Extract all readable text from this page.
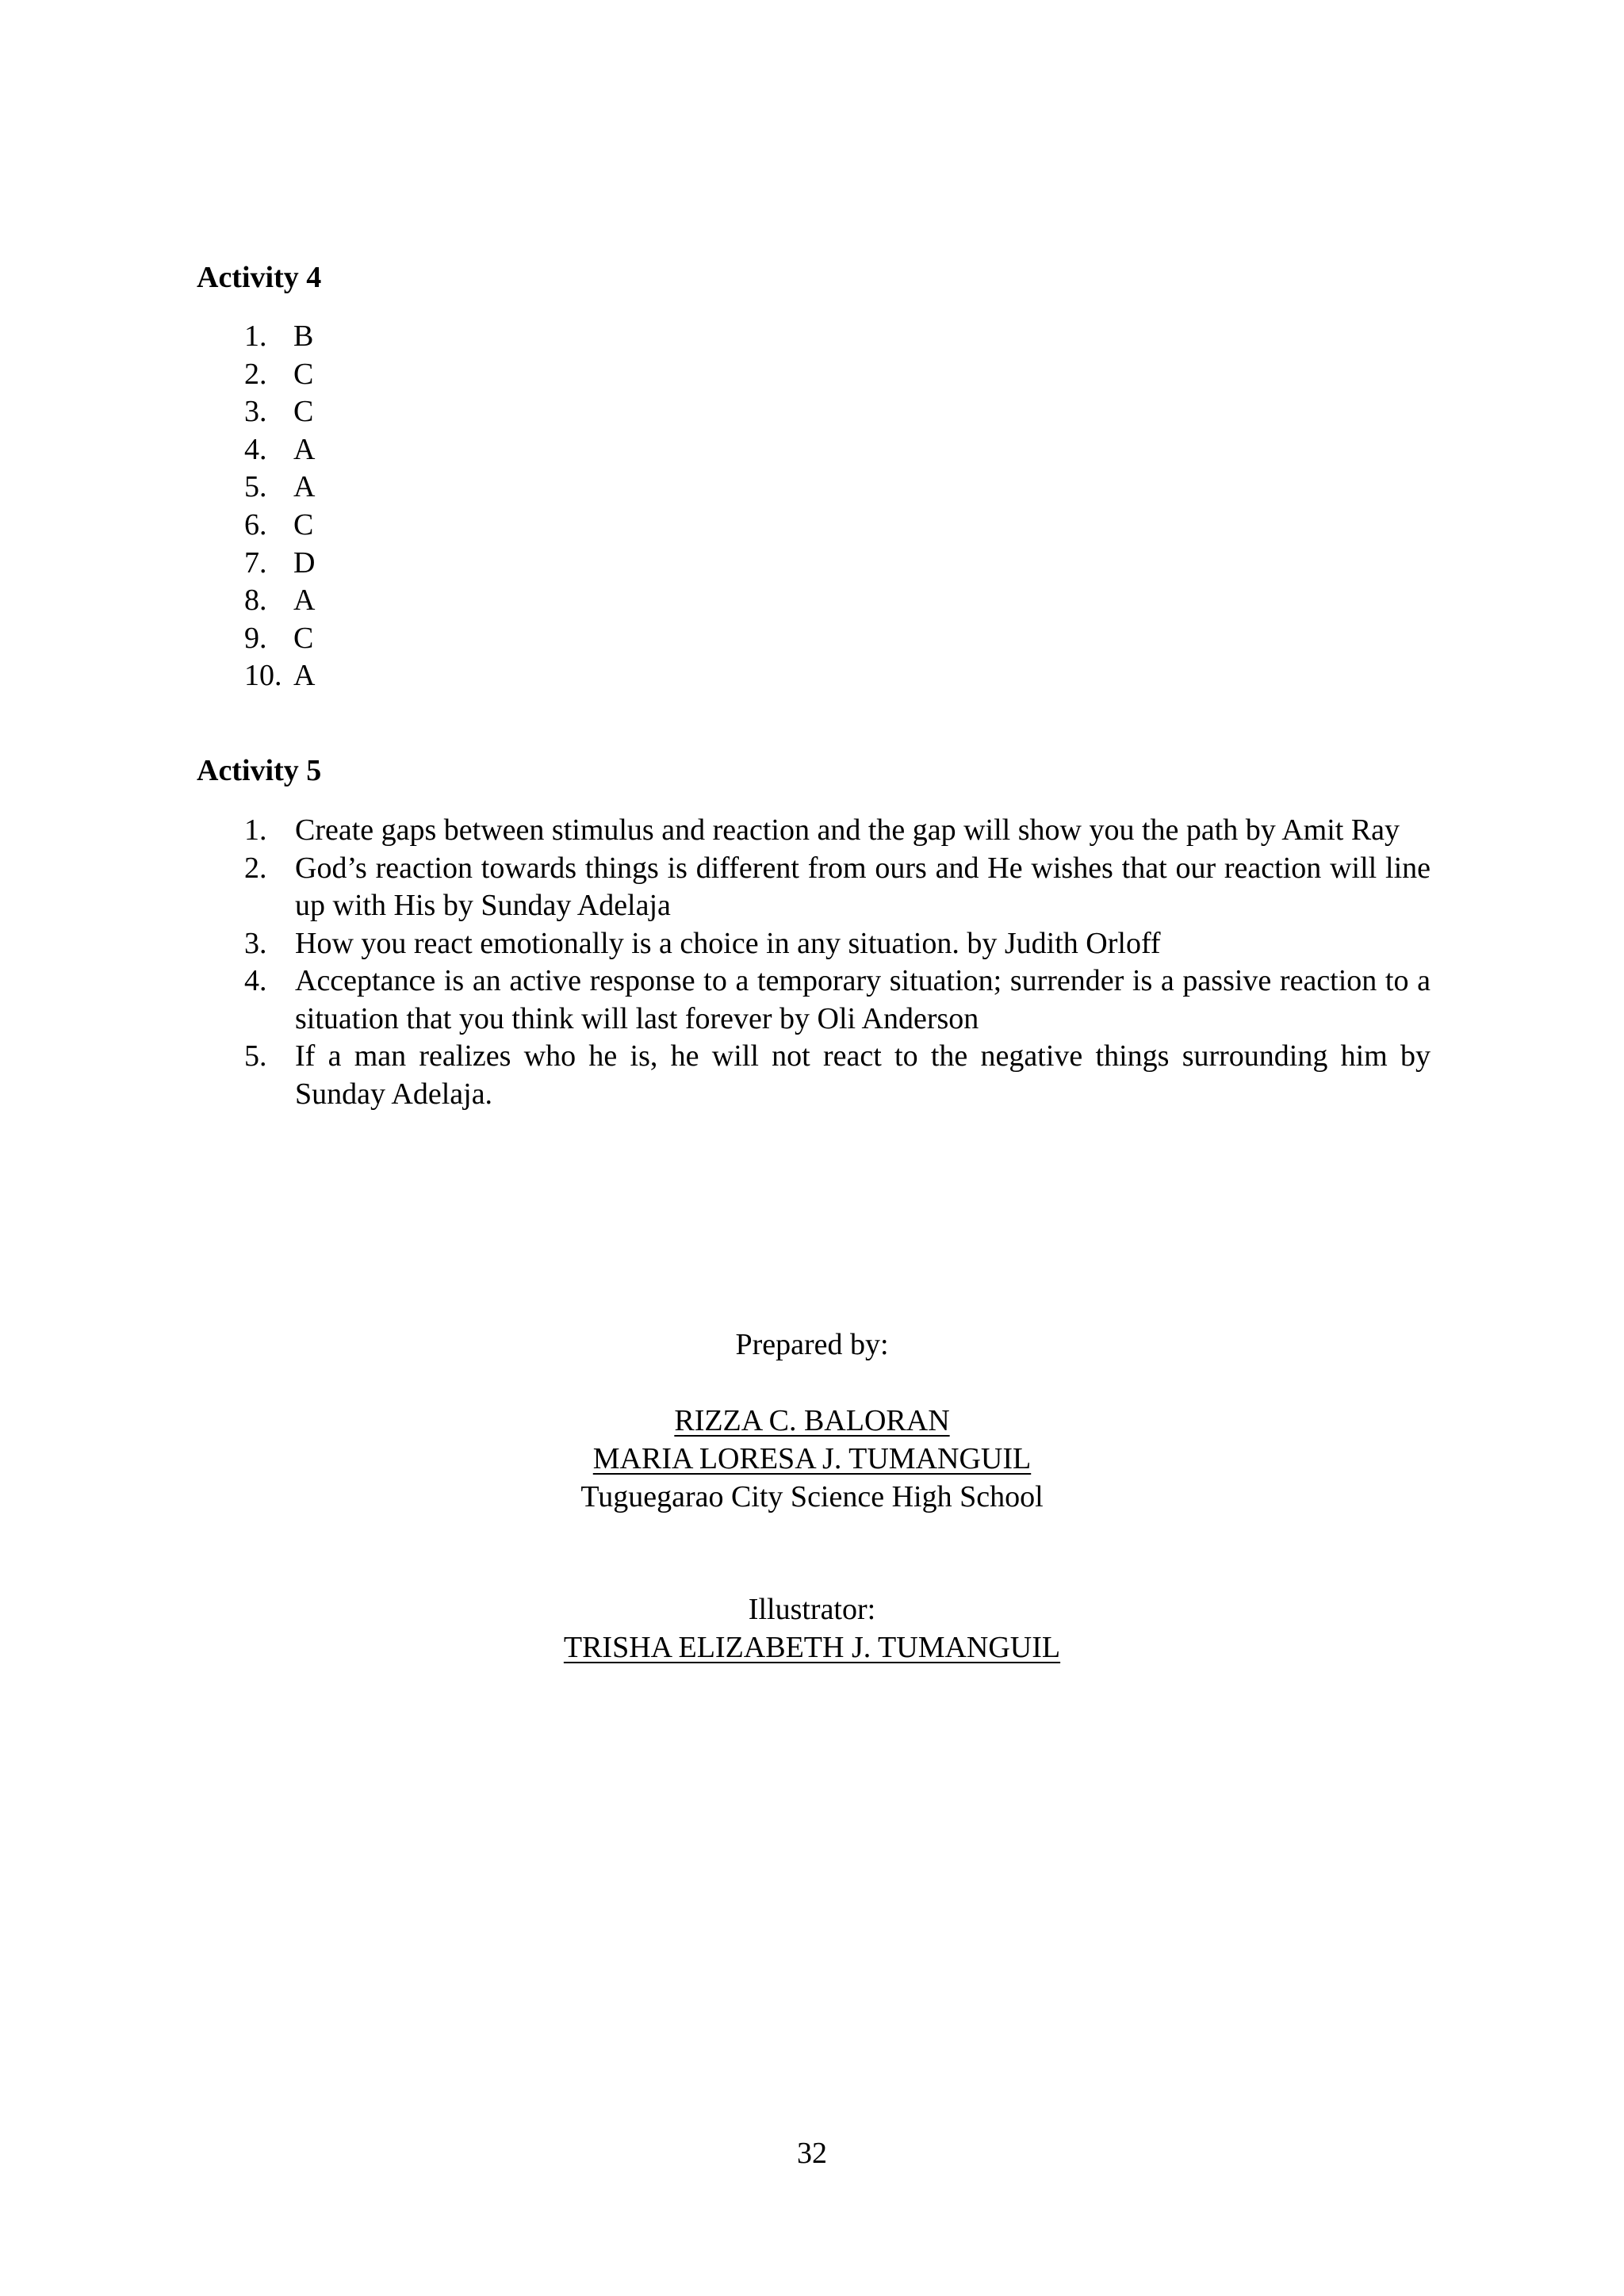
Activity 4
1. B
2. C
3. C
4. A
5. A
6. C
7. D
8. A
9. C
10. A
Activity 5
1. Create gaps between stimulus and reaction and the gap will show you the path by Amit Ray
2. God’s reaction towards things is different from ours and He wishes that our reaction will line up with His by Sunday Adelaja
3. How you react emotionally is a choice in any situation. by Judith Orloff
4. Acceptance is an active response to a temporary situation; surrender is a passive reaction to a situation that you think will last forever by Oli Anderson
5. If a man realizes who he is, he will not react to the negative things surrounding him by Sunday Adelaja.
Prepared by:
RIZZA C. BALORAN
MARIA LORESA J. TUMANGUIL
Tuguegarao City Science High School
Illustrator:
TRISHA ELIZABETH J. TUMANGUIL
32
